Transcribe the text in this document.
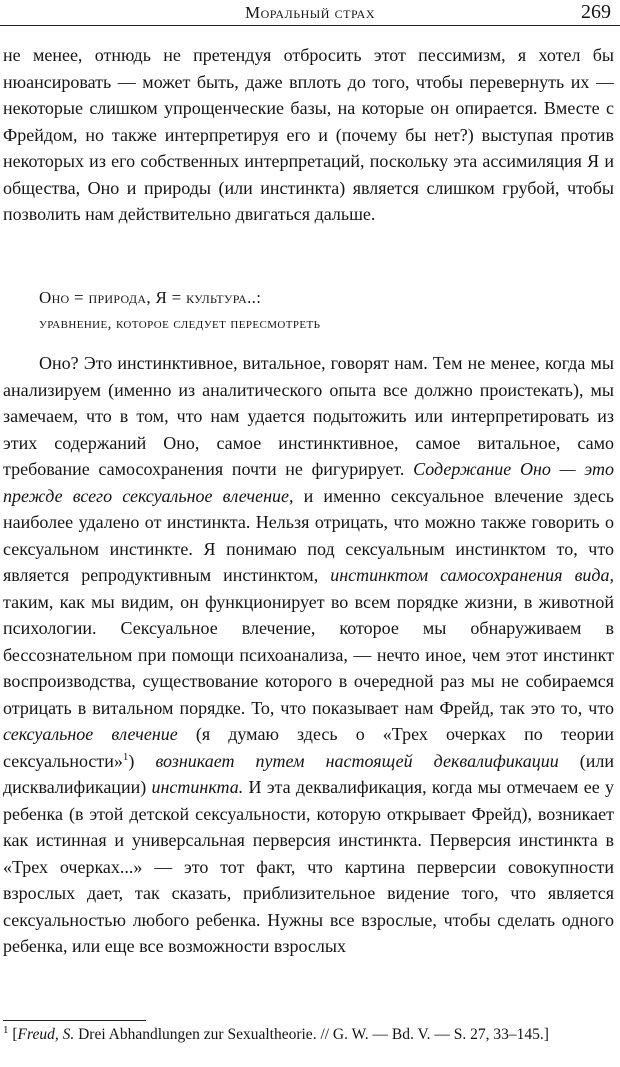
Моральный страх	269

не менее, отнюдь не претендуя отбросить этот пессимизм, я хотел бы нюансировать — может быть, даже вплоть до того, чтобы перевернуть их — некоторые слишком упрощенческие базы, на которые он опирается. Вместе с Фрейдом, но также интерпретируя его и (почему бы нет?) выступая против некоторых из его собственных интерпретаций, поскольку эта ассимиляция Я и общества, Оно и природы (или инстинкта) является слишком грубой, чтобы позволить нам действительно двигаться дальше.

Оно = природа, Я = культура..:
уравнение, которое следует пересмотреть

Оно? Это инстинктивное, витальное, говорят нам. Тем не менее, когда мы анализируем (именно из аналитического опыта все должно проистекать), мы замечаем, что в том, что нам удается подытожить или интерпретировать из этих содержаний Оно, самое инстинктивное, самое витальное, само требование самосохранения почти не фигурирует. Содержание Оно — это прежде всего сексуальное влечение, и именно сексуальное влечение здесь наиболее удалено от инстинкта. Нельзя отрицать, что можно также говорить о сексуальном инстинкте. Я понимаю под сексуальным инстинктом то, что является репродуктивным инстинктом, инстинктом самосохранения вида, таким, как мы видим, он функционирует во всем порядке жизни, в животной психологии. Сексуальное влечение, которое мы обнаруживаем в бессознательном при помощи психоанализа, — нечто иное, чем этот инстинкт воспроизводства, существование которого в очередной раз мы не собираемся отрицать в витальном порядке. То, что показывает нам Фрейд, так это то, что сексуальное влечение (я думаю здесь о «Трех очерках по теории сексуальности»$^1$) возникает путем настоящей деквалификации (или дисквалификации) инстинкта. И эта деквалификация, когда мы отмечаем ее у ребенка (в этой детской сексуальности, которую открывает Фрейд), возникает как истинная и универсальная перверсия инстинкта. Перверсия инстинкта в «Трех очерках...» — это тот факт, что картина перверсии совокупности взрослых дает, так сказать, приблизительное видение того, что является сексуальностью любого ребенка. Нужны все взрослые, чтобы сделать одного ребенка, или еще все возможности взрослых

$^1$ [Freud, S. Drei Abhandlungen zur Sexualtheorie. // G. W. — Bd. V. — S. 27, 33–145.]
